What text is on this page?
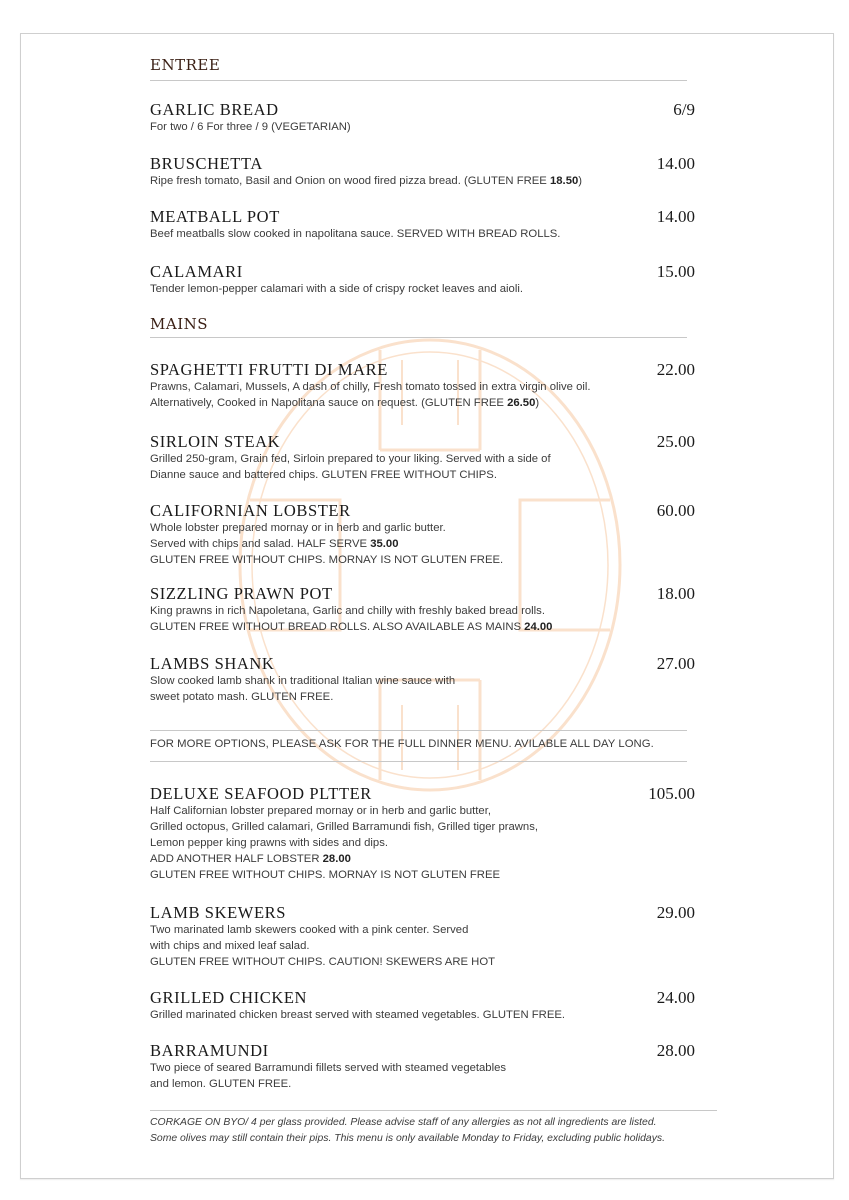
ENTREE
GARLIC BREAD	6/9
For two / 6 For three / 9 (VEGETARIAN)
BRUSCHETTA	14.00
Ripe fresh tomato, Basil and Onion on wood fired pizza bread. (GLUTEN FREE 18.50)
MEATBALL POT	14.00
Beef meatballs slow cooked in napolitana sauce. SERVED WITH BREAD ROLLS.
CALAMARI	15.00
Tender lemon-pepper calamari with a side of crispy rocket leaves and aioli.
MAINS
SPAGHETTI FRUTTI DI MARE	22.00
Prawns, Calamari, Mussels, A dash of chilly, Fresh tomato tossed in extra virgin olive oil.
Alternatively, Cooked in Napolitana sauce on request. (GLUTEN FREE 26.50)
SIRLOIN STEAK	25.00
Grilled 250-gram, Grain fed, Sirloin prepared to your liking. Served with a side of
Dianne sauce and battered chips. GLUTEN FREE WITHOUT CHIPS.
CALIFORNIAN LOBSTER	60.00
Whole lobster prepared mornay or in herb and garlic butter.
Served with chips and salad. HALF SERVE 35.00
GLUTEN FREE WITHOUT CHIPS. MORNAY IS NOT GLUTEN FREE.
SIZZLING PRAWN POT	18.00
King prawns in rich Napoletana, Garlic and chilly with freshly baked bread rolls.
GLUTEN FREE WITHOUT BREAD ROLLS. ALSO AVAILABLE AS MAINS 24.00
LAMBS SHANK	27.00
Slow cooked lamb shank in traditional Italian wine sauce with
sweet potato mash. GLUTEN FREE.
FOR MORE OPTIONS, PLEASE ASK FOR THE FULL DINNER MENU. AVILABLE ALL DAY LONG.
DELUXE SEAFOOD PLTTER	105.00
Half Californian lobster prepared mornay or in herb and garlic butter,
Grilled octopus, Grilled calamari, Grilled Barramundi fish, Grilled tiger prawns,
Lemon pepper king prawns with sides and dips.
ADD ANOTHER HALF LOBSTER 28.00
GLUTEN FREE WITHOUT CHIPS. MORNAY IS NOT GLUTEN FREE
LAMB SKEWERS	29.00
Two marinated lamb skewers cooked with a pink center. Served
with chips and mixed leaf salad.
GLUTEN FREE WITHOUT CHIPS. CAUTION! SKEWERS ARE HOT
GRILLED CHICKEN	24.00
Grilled marinated chicken breast served with steamed vegetables. GLUTEN FREE.
BARRAMUNDI	28.00
Two piece of seared Barramundi fillets served with steamed vegetables
and lemon. GLUTEN FREE.
CORKAGE ON BYO/ 4 per glass provided. Please advise staff of any allergies as not all ingredients are listed.
Some olives may still contain their pips. This menu is only available Monday to Friday, excluding public holidays.
